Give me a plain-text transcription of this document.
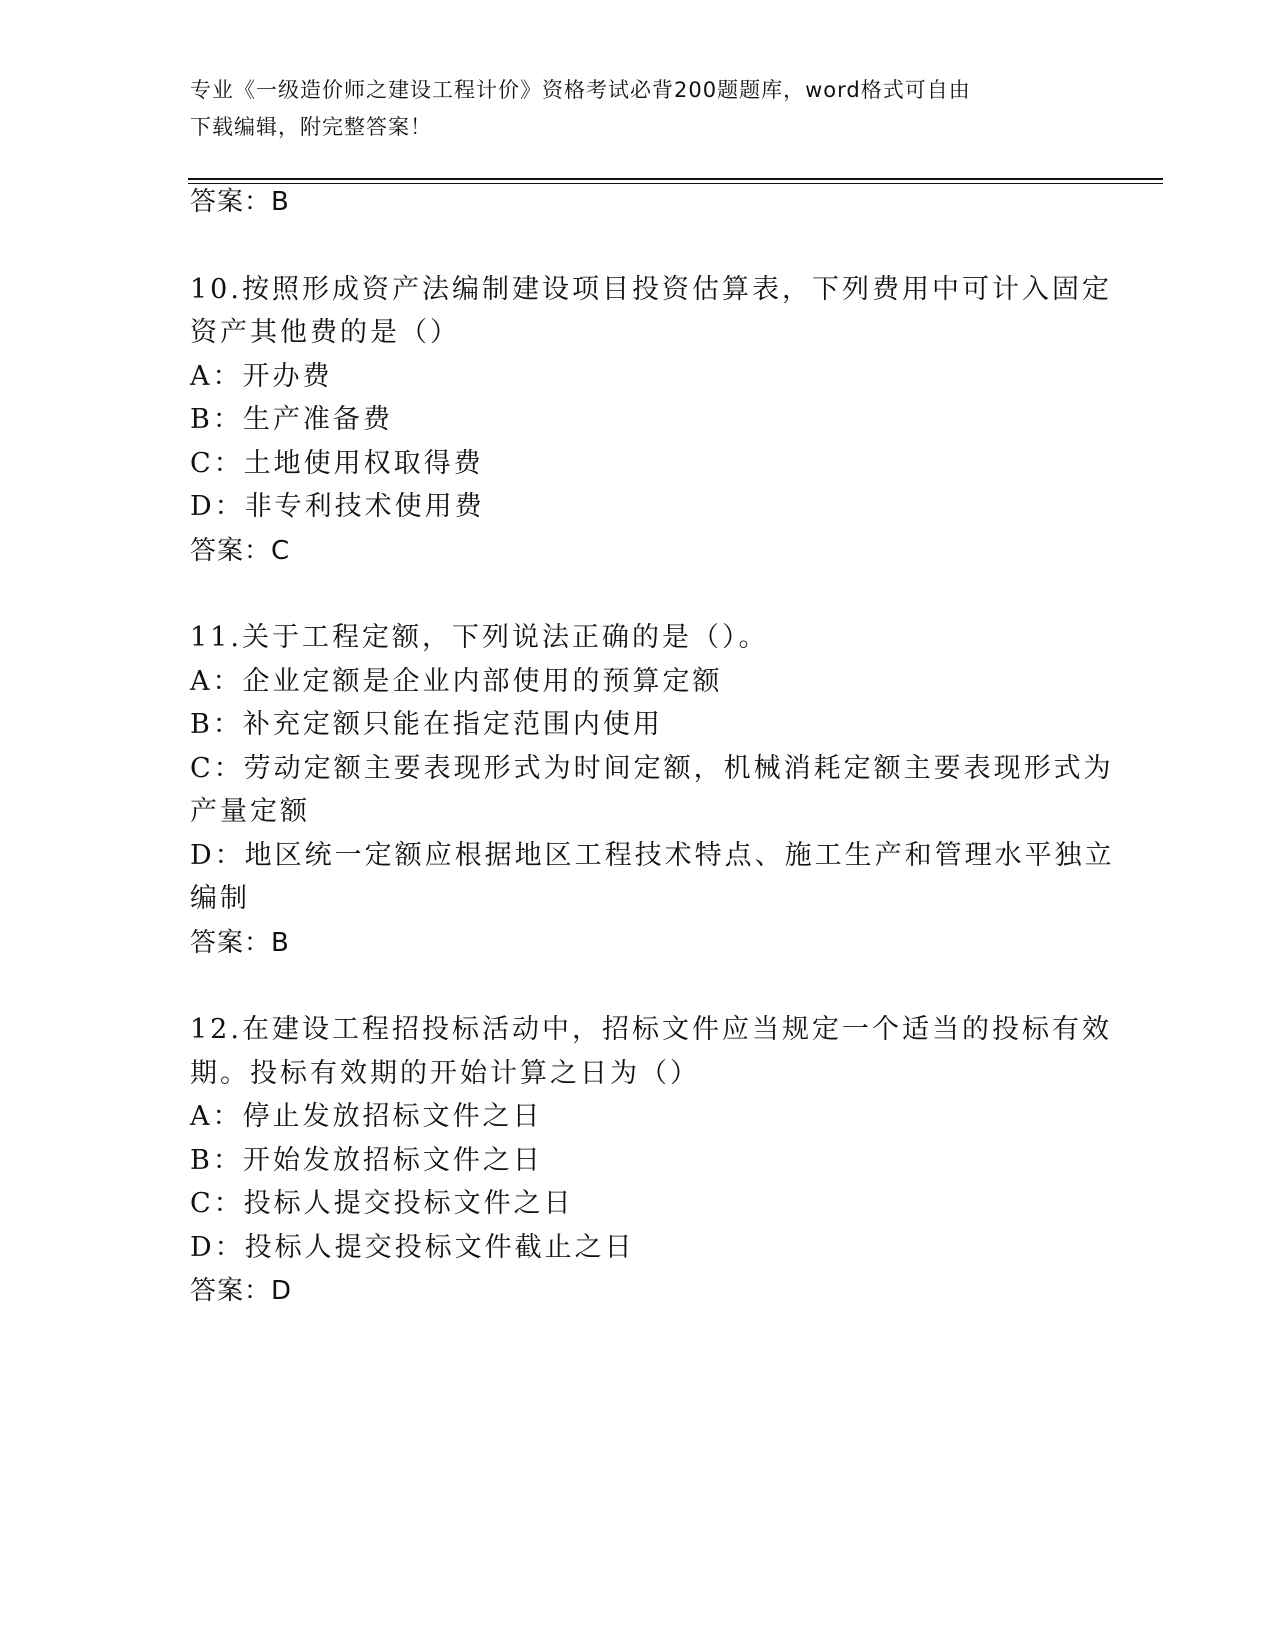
专业《一级造价师之建设工程计价》资格考试必背200题题库，word格式可自由
下载编辑，附完整答案！
答案：B
10.按照形成资产法编制建设项目投资估算表，下列费用中可计入固定
资产其他费的是（）
A：开办费
B：生产准备费
C：土地使用权取得费
D：非专利技术使用费
答案：C
11.关于工程定额，下列说法正确的是（）。
A：企业定额是企业内部使用的预算定额
B：补充定额只能在指定范围内使用
C：劳动定额主要表现形式为时间定额，机械消耗定额主要表现形式为
产量定额
D：地区统一定额应根据地区工程技术特点、施工生产和管理水平独立
编制
答案：B
12.在建设工程招投标活动中，招标文件应当规定一个适当的投标有效
期。投标有效期的开始计算之日为（）
A：停止发放招标文件之日
B：开始发放招标文件之日
C：投标人提交投标文件之日
D：投标人提交投标文件截止之日
答案：D
